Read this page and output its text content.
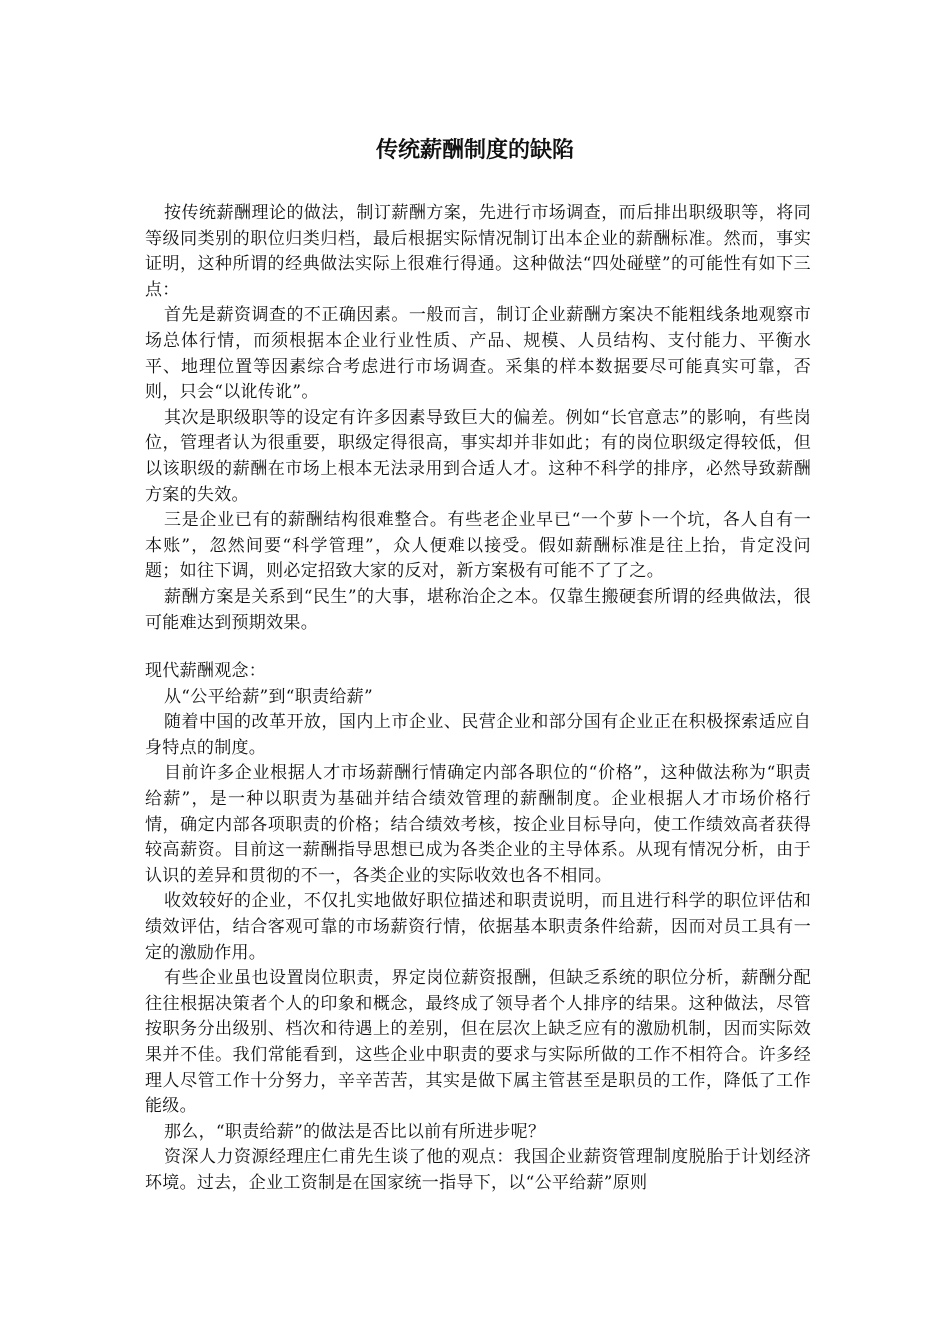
传统薪酬制度的缺陷

按传统薪酬理论的做法，制订薪酬方案，先进行市场调查，而后排出职级职等，将同等级同类别的职位归类归档，最后根据实际情况制订出本企业的薪酬标准。然而，事实证明，这种所谓的经典做法实际上很难行得通。这种做法“四处碰壁”的可能性有如下三点：

首先是薪资调查的不正确因素。一般而言，制订企业薪酬方案决不能粗线条地观察市场总体行情，而须根据本企业行业性质、产品、规模、人员结构、支付能力、平衡水平、地理位置等因素综合考虑进行市场调查。采集的样本数据要尽可能真实可靠，否则，只会“以讹传讹”。

其次是职级职等的设定有许多因素导致巨大的偏差。例如“长官意志”的影响，有些岗位，管理者认为很重要，职级定得很高，事实却并非如此；有的岗位职级定得较低，但以该职级的薪酬在市场上根本无法录用到合适人才。这种不科学的排序，必然导致薪酬方案的失效。

三是企业已有的薪酬结构很难整合。有些老企业早已“一个萝卜一个坑，各人自有一本账”，忽然间要“科学管理”，众人便难以接受。假如薪酬标准是往上抬，肯定没问题；如往下调，则必定招致大家的反对，新方案极有可能不了了之。

薪酬方案是关系到“民生”的大事，堪称治企之本。仅靠生搬硬套所谓的经典做法，很可能难达到预期效果。

现代薪酬观念：

从“公平给薪”到“职责给薪”

随着中国的改革开放，国内上市企业、民营企业和部分国有企业正在积极探索适应自身特点的制度。

目前许多企业根据人才市场薪酬行情确定内部各职位的“价格”，这种做法称为“职责给薪”，是一种以职责为基础并结合绩效管理的薪酬制度。企业根据人才市场价格行情，确定内部各项职责的价格；结合绩效考核，按企业目标导向，使工作绩效高者获得较高薪资。目前这一薪酬指导思想已成为各类企业的主导体系。从现有情况分析，由于认识的差异和贯彻的不一，各类企业的实际收效也各不相同。

收效较好的企业，不仅扎实地做好职位描述和职责说明，而且进行科学的职位评估和绩效评估，结合客观可靠的市场薪资行情，依据基本职责条件给薪，因而对员工具有一定的激励作用。

有些企业虽也设置岗位职责，界定岗位薪资报酬，但缺乏系统的职位分析，薪酬分配往往根据决策者个人的印象和概念，最终成了领导者个人排序的结果。这种做法，尽管按职务分出级别、档次和待遇上的差别，但在层次上缺乏应有的激励机制，因而实际效果并不佳。我们常能看到，这些企业中职责的要求与实际所做的工作不相符合。许多经理人尽管工作十分努力，辛辛苦苦，其实是做下属主管甚至是职员的工作，降低了工作能级。

那么，“职责给薪”的做法是否比以前有所进步呢？

资深人力资源经理庄仁甫先生谈了他的观点：我国企业薪资管理制度脱胎于计划经济环境。过去，企业工资制是在国家统一指导下，以“公平给薪”原则
